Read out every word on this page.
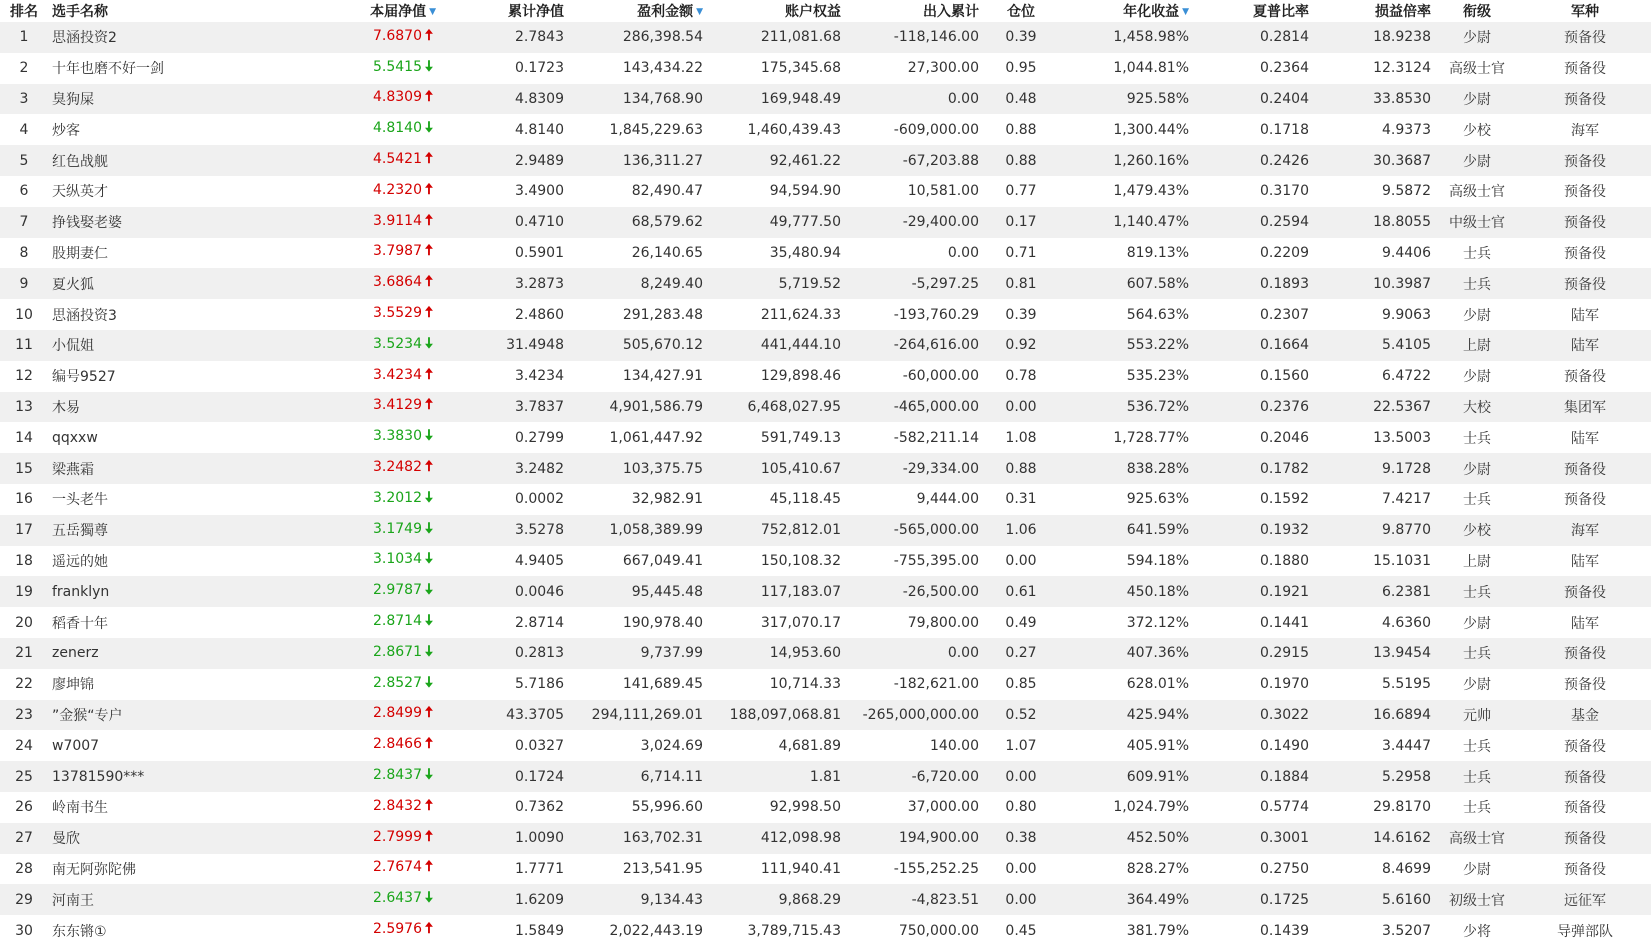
排名	选手名称	本届净值 ▼	累计净值	盈利金额 ▼	账户权益	出入累计	仓位	年化收益 ▼	夏普比率	损益倍率	衔级	军种
1	思涵投资2	7.6870 🠅	2.7843	286,398.54	211,081.68	-118,146.00	0.39	1,458.98%	0.2814	18.9238	少尉	预备役
2	十年也磨不好一剑	5.5415 🠇	0.1723	143,434.22	175,345.68	27,300.00	0.95	1,044.81%	0.2364	12.3124	高级士官	预备役
3	臭狗屎	4.8309 🠅	4.8309	134,768.90	169,948.49	0.00	0.48	925.58%	0.2404	33.8530	少尉	预备役
4	炒客	4.8140 🠇	4.8140	1,845,229.63	1,460,439.43	-609,000.00	0.88	1,300.44%	0.1718	4.9373	少校	海军
5	红色战舰	4.5421 🠅	2.9489	136,311.27	92,461.22	-67,203.88	0.88	1,260.16%	0.2426	30.3687	少尉	预备役
6	天纵英才	4.2320 🠅	3.4900	82,490.47	94,594.90	10,581.00	0.77	1,479.43%	0.3170	9.5872	高级士官	预备役
7	挣钱娶老婆	3.9114 🠅	0.4710	68,579.62	49,777.50	-29,400.00	0.17	1,140.47%	0.2594	18.8055	中级士官	预备役
8	股期妻仁	3.7987 🠅	0.5901	26,140.65	35,480.94	0.00	0.71	819.13%	0.2209	9.4406	士兵	预备役
9	夏火狐	3.6864 🠅	3.2873	8,249.40	5,719.52	-5,297.25	0.81	607.58%	0.1893	10.3987	士兵	预备役
10	思涵投资3	3.5529 🠅	2.4860	291,283.48	211,624.33	-193,760.29	0.39	564.63%	0.2307	9.9063	少尉	陆军
11	小侃姐	3.5234 🠇	31.4948	505,670.12	441,444.10	-264,616.00	0.92	553.22%	0.1664	5.4105	上尉	陆军
12	编号9527	3.4234 🠅	3.4234	134,427.91	129,898.46	-60,000.00	0.78	535.23%	0.1560	6.4722	少尉	预备役
13	木易	3.4129 🠅	3.7837	4,901,586.79	6,468,027.95	-465,000.00	0.00	536.72%	0.2376	22.5367	大校	集团军
14	qqxxw	3.3830 🠇	0.2799	1,061,447.92	591,749.13	-582,211.14	1.08	1,728.77%	0.2046	13.5003	士兵	陆军
15	梁燕霜	3.2482 🠅	3.2482	103,375.75	105,410.67	-29,334.00	0.88	838.28%	0.1782	9.1728	少尉	预备役
16	一头老牛	3.2012 🠇	0.0002	32,982.91	45,118.45	9,444.00	0.31	925.63%	0.1592	7.4217	士兵	预备役
17	五岳獨尊	3.1749 🠇	3.5278	1,058,389.99	752,812.01	-565,000.00	1.06	641.59%	0.1932	9.8770	少校	海军
18	遥远的她	3.1034 🠇	4.9405	667,049.41	150,108.32	-755,395.00	0.00	594.18%	0.1880	15.1031	上尉	陆军
19	franklyn	2.9787 🠇	0.0046	95,445.48	117,183.07	-26,500.00	0.61	450.18%	0.1921	6.2381	士兵	预备役
20	稻香十年	2.8714 🠇	2.8714	190,978.40	317,070.17	79,800.00	0.49	372.12%	0.1441	4.6360	少尉	陆军
21	zenerz	2.8671 🠇	0.2813	9,737.99	14,953.60	0.00	0.27	407.36%	0.2915	13.9454	士兵	预备役
22	廖坤锦	2.8527 🠇	5.7186	141,689.45	10,714.33	-182,621.00	0.85	628.01%	0.1970	5.5195	少尉	预备役
23	”金猴“专户	2.8499 🠅	43.3705	294,111,269.01	188,097,068.81	-265,000,000.00	0.52	425.94%	0.3022	16.6894	元帅	基金
24	w7007	2.8466 🠅	0.0327	3,024.69	4,681.89	140.00	1.07	405.91%	0.1490	3.4447	士兵	预备役
25	13781590***	2.8437 🠇	0.1724	6,714.11	1.81	-6,720.00	0.00	609.91%	0.1884	5.2958	士兵	预备役
26	岭南书生	2.8432 🠅	0.7362	55,996.60	92,998.50	37,000.00	0.80	1,024.79%	0.5774	29.8170	士兵	预备役
27	曼欣	2.7999 🠅	1.0090	163,702.31	412,098.98	194,900.00	0.38	452.50%	0.3001	14.6162	高级士官	预备役
28	南无阿弥陀佛	2.7674 🠅	1.7771	213,541.95	111,940.41	-155,252.25	0.00	828.27%	0.2750	8.4699	少尉	预备役
29	河南王	2.6437 🠇	1.6209	9,134.43	9,868.29	-4,823.51	0.00	364.49%	0.1725	5.6160	初级士官	远征军
30	东东锵①	2.5976 🠅	1.5849	2,022,443.19	3,789,715.43	750,000.00	0.45	381.79%	0.1439	3.5207	少将	导弹部队
